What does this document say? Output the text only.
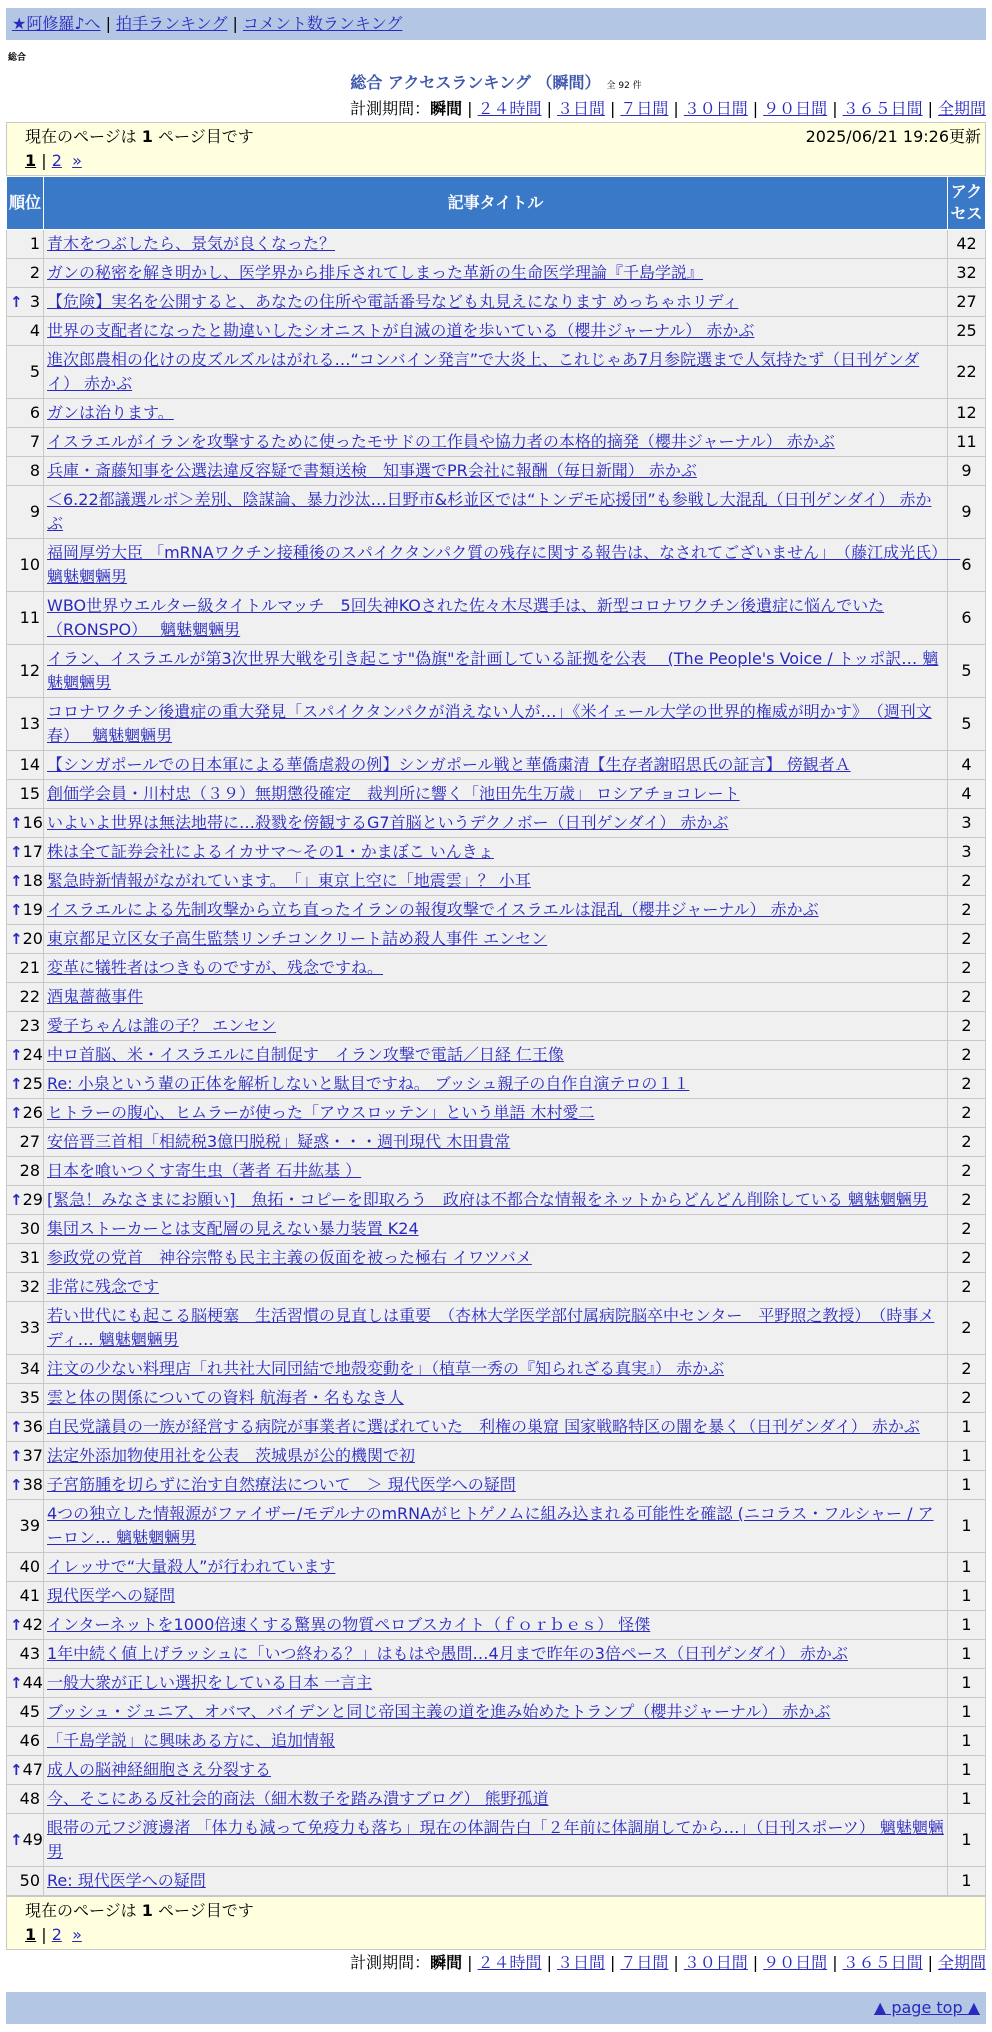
★阿修羅♪へ | 拍手ランキング | コメント数ランキング
総合
総合 アクセスランキング （瞬間） 全 92 件
計測期間：瞬間 | ２４時間 | ３日間 | ７日間 | ３０日間 | ９０日間 | ３６５日間 | 全期間
現在のページは 1 ページ目です	2025/06/21 19:26更新
1 | 2 »
順位	記事タイトル	アクセス
1	青木をつぶしたら、景気が良くなった？	42
2	ガンの秘密を解き明かし、医学界から排斥されてしまった革新の生命医学理論『千島学説』	32

↑ 3	【危険】実名を公開すると、あなたの住所や電話番号なども丸見えになります めっちゃホリディ	27
4	世界の支配者になったと勘違いしたシオニストが自滅の道を歩いている（櫻井ジャーナル） 赤かぶ	25
5	進次郎農相の化けの皮ズルズルはがれる…“コンバイン発言”で大炎上、これじゃあ7月参院選まで人気持たず（日刊ゲンダイ） 赤かぶ	22
6	ガンは治ります。	12
7	イスラエルがイランを攻撃するために使ったモサドの工作員や協力者の本格的摘発（櫻井ジャーナル） 赤かぶ	11
8	兵庫・斎藤知事を公選法違反容疑で書類送検　知事選でPR会社に報酬（毎日新聞） 赤かぶ	9
9	＜6.22都議選ルポ＞差別、陰謀論、暴力沙汰…日野市&杉並区では“トンデモ応援団”も参戦し大混乱（日刊ゲンダイ） 赤かぶ	9
10	福岡厚労大臣 「mRNAワクチン接種後のスパイクタンパク質の残存に関する報告は、なされてございません」　（藤江成光氏）　 魑魅魍魎男	6
11	WBO世界ウエルター級タイトルマッチ　5回失神KOされた佐々木尽選手は、新型コロナワクチン後遺症に悩んでいた（RONSPO）　 魑魅魍魎男	6
12	イラン、イスラエルが第3次世界大戦を引き起こす"偽旗"を計画している証拠を公表 　(The People's Voice / トッポ訳… 魑魅魍魎男	5
13	コロナワクチン後遺症の重大発見「スパイクタンパクが消えない人が…」《米イェール大学の世界的権威が明かす》　（週刊文春）　 魑魅魍魎男	5
14	【シンガポールでの日本軍による華僑虐殺の例】シンガポール戦と華僑粛清【生存者謝昭思氏の証言】 傍観者Ａ	4
15	創価学会員・川村忠（３９）無期懲役確定　裁判所に響く「池田先生万歳」 ロシアチョコレート	4

↑ 16	いよいよ世界は無法地帯に…殺戮を傍観するG7首脳というデクノボー（日刊ゲンダイ） 赤かぶ	3

↑ 17	株は全て証券会社によるイカサマ～その1・かまぼこ いんきょ	3

↑ 18	緊急時新情報がながれています。　「」東京上空に「地震雲」？ 小耳	2

↑ 19	イスラエルによる先制攻撃から立ち直ったイランの報復攻撃でイスラエルは混乱（櫻井ジャーナル） 赤かぶ	2

↑ 20	東京都足立区女子高生監禁リンチコンクリート詰め殺人事件 エンセン	2
21	変革に犠牲者はつきものですが、残念ですね。	2
22	酒鬼薔薇事件	2
23	愛子ちゃんは誰の子？ エンセン	2

↑ 24	中ロ首脳、米・イスラエルに自制促す　イラン攻撃で電話／日経 仁王像	2

↑ 25	Re: 小泉という輩の正体を解析しないと駄目ですね。 ブッシュ親子の自作自演テロの１１	2

↑ 26	ヒトラーの腹心、ヒムラーが使った「アウスロッテン」という単語 木村愛二	2
27	安倍晋三首相「相続税3億円脱税」疑惑・・・週刊現代 木田貴常	2
28	日本を喰いつくす寄生虫（著者 石井紘基 ）	2

↑ 29	[緊急！みなさまにお願い]　魚拓・コピーを即取ろう　政府は不都合な情報をネットからどんどん削除している 魑魅魍魎男	2
30	集団ストーカーとは支配層の見えない暴力装置 K24	2
31	参政党の党首　神谷宗幣も民主主義の仮面を被った極右 イワツバメ	2
32	非常に残念です	2
33	若い世代にも起こる脳梗塞　生活習慣の見直しは重要　（杏林大学医学部付属病院脳卒中センター　平野照之教授）　（時事メディ… 魑魅魍魎男	2
34	注文の少ない料理店「れ共社大同団結で地殻変動を」（植草一秀の『知られざる真実』） 赤かぶ	2
35	雲と体の関係についての資料 航海者・名もなき人	2

↑ 36	自民党議員の一族が経営する病院が事業者に選ばれていた　利権の巣窟 国家戦略特区の闇を暴く（日刊ゲンダイ） 赤かぶ	1

↑ 37	法定外添加物使用社を公表　茨城県が公的機関で初	1

↑ 38	子宮筋腫を切らずに治す自然療法について　＞ 現代医学への疑問	1
39	4つの独立した情報源がファイザー/モデルナのmRNAがヒトゲノムに組み込まれる可能性を確認 (ニコラス・フルシャー / アーロン… 魑魅魍魎男	1
40	イレッサで“大量殺人”が行われています	1
41	現代医学への疑問	1

↑ 42	インターネットを1000倍速くする驚異の物質ペロブスカイト（ｆｏｒｂｅｓ） 怪傑	1
43	1年中続く値上げラッシュに「いつ終わる？」はもはや愚問…4月まで昨年の3倍ペース（日刊ゲンダイ） 赤かぶ	1

↑ 44	一般大衆が正しい選択をしている日本 一言主	1
45	ブッシュ・ジュニア、オバマ、バイデンと同じ帝国主義の道を進み始めたトランプ（櫻井ジャーナル） 赤かぶ	1
46	「千島学説」に興味ある方に、追加情報	1

↑ 47	成人の脳神経細胞さえ分裂する	1
48	今、そこにある反社会的商法（細木数子を踏み潰すブログ） 熊野孤道	1

↑ 49	眼帯の元フジ渡邊渚 「体力も減って免疫力も落ち」現在の体調告白「２年前に体調崩してから…」（日刊スポーツ） 魑魅魍魎男	1
50	Re: 現代医学への疑問	1
現在のページは 1 ページ目です
1 | 2 »
計測期間：瞬間 | ２４時間 | ３日間 | ７日間 | ３０日間 | ９０日間 | ３６５日間 | 全期間
▲ page top ▲
